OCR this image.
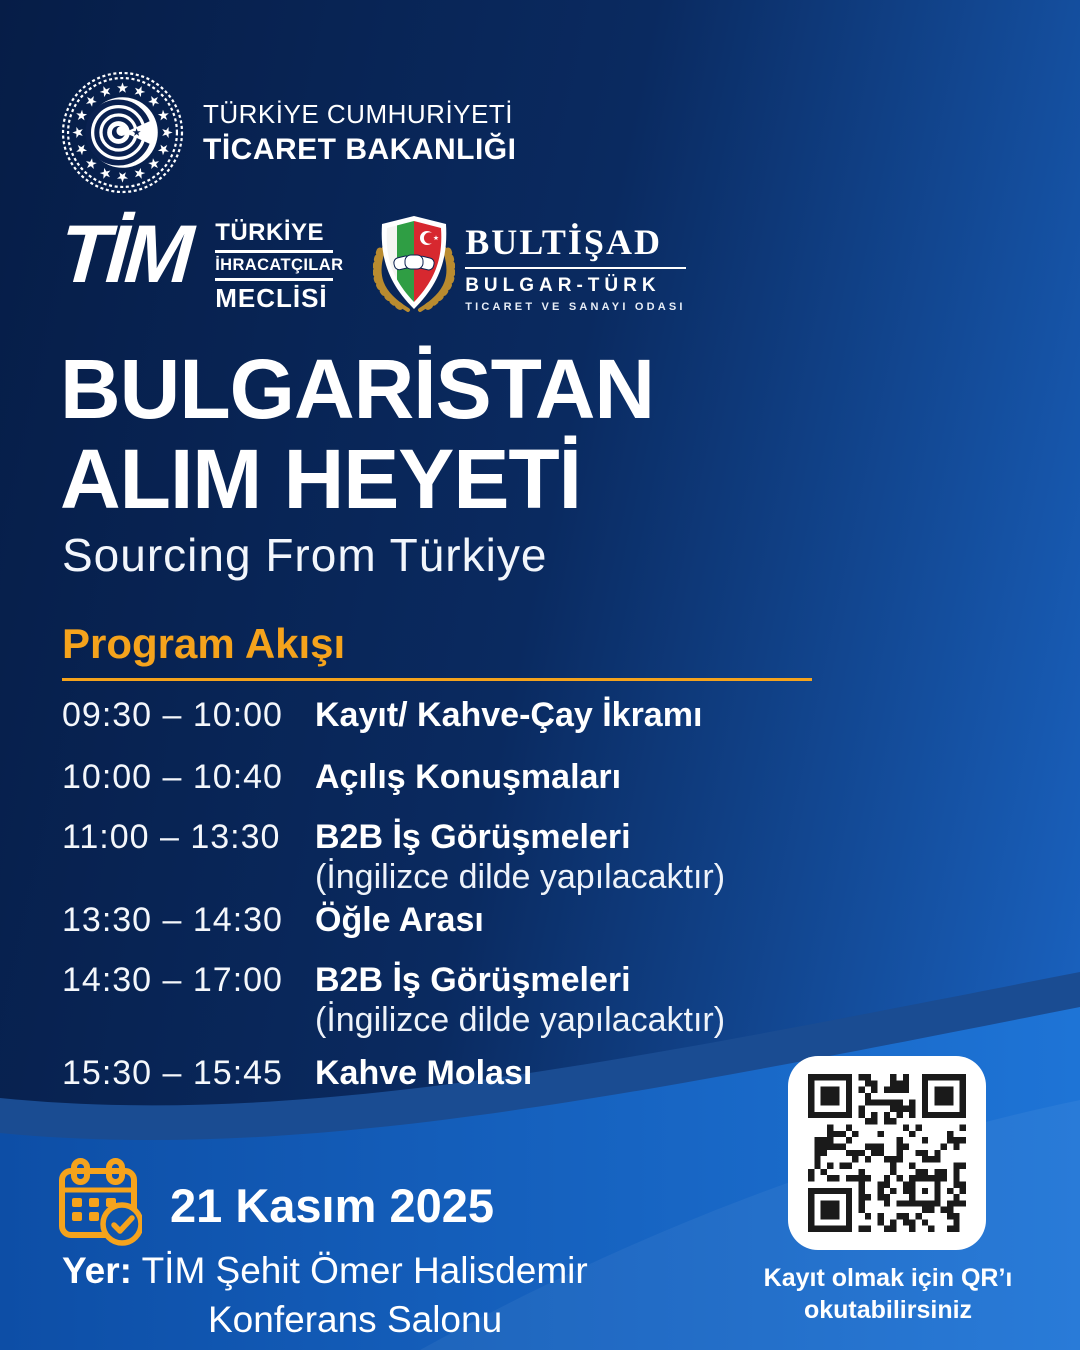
TÜRKİYE CUMHURİYETİ
TİCARET BAKANLIĞI
TİM TÜRKİYE
İHRACATÇILAR
MECLİSİ
BULTİŞAD
BULGAR-TÜRK
TICARET VE SANAYI ODASI
BULGARİSTAN
ALIM HEYETİ
Sourcing From Türkiye
Program Akışı
09:30 – 10:00 Kayıt/ Kahve-Çay İkramı
10:00 – 10:40 Açılış Konuşmaları
11:00 – 13:30 B2B İş Görüşmeleri
(İngilizce dilde yapılacaktır)
13:30 – 14:30 Öğle Arası
14:30 – 17:00 B2B İş Görüşmeleri
(İngilizce dilde yapılacaktır)
15:30 – 15:45 Kahve Molası
21 Kasım 2025
Yer: TİM Şehit Ömer Halisdemir
Konferans Salonu
Kayıt olmak için QR’ı
okutabilirsiniz
